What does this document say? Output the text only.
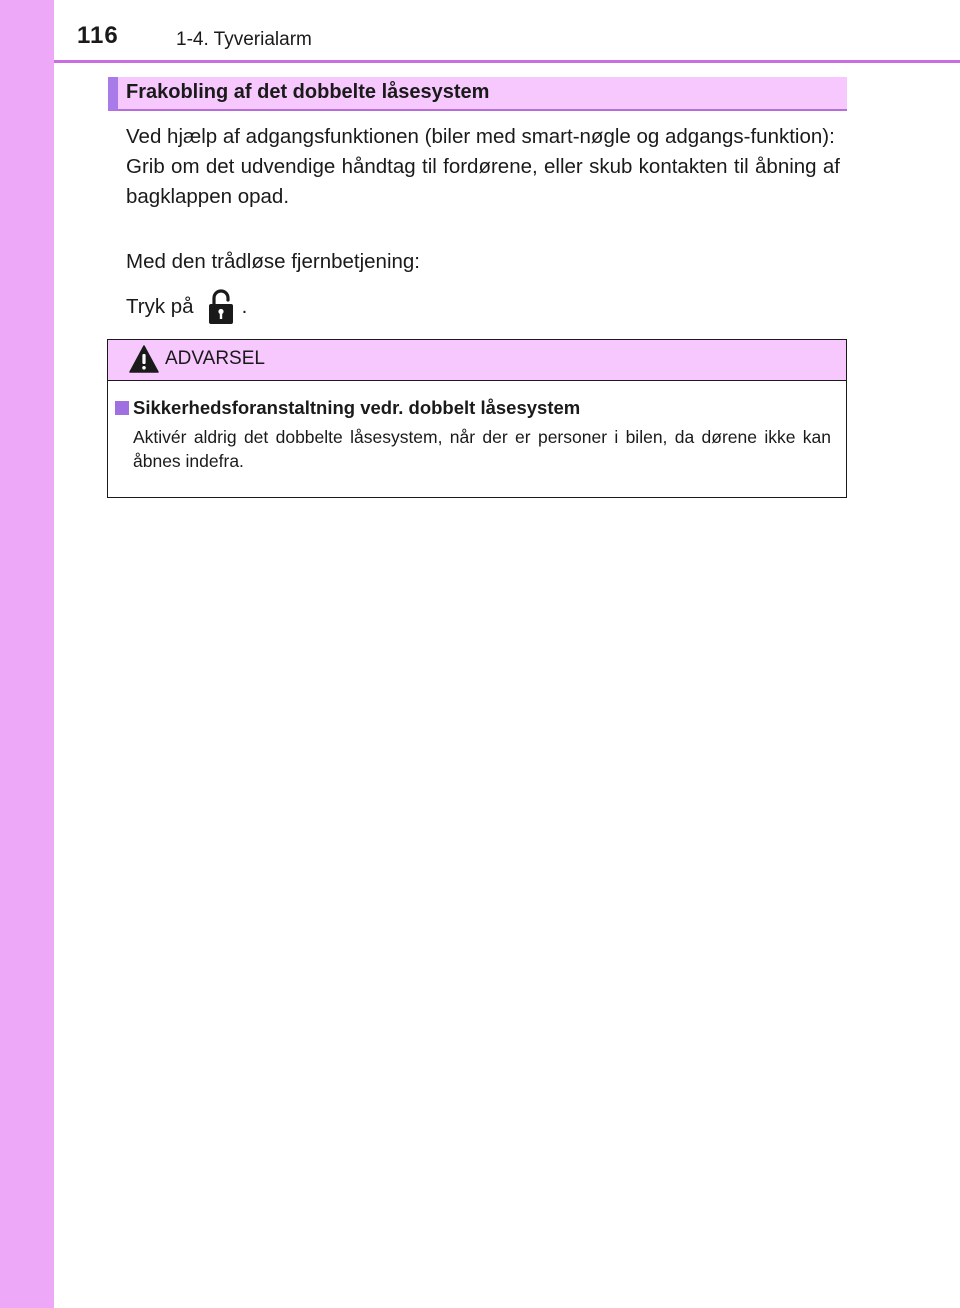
116	1-4. Tyverialarm
Frakobling af det dobbelte låsesystem
Ved hjælp af adgangsfunktionen (biler med smart-nøgle og adgangs-funktion):
Grib om det udvendige håndtag til fordørene, eller skub kontakten til åbning af bagklappen opad.
Med den trådløse fjernbetjening:
Tryk på .
ADVARSEL
Sikkerhedsforanstaltning vedr. dobbelt låsesystem
Aktivér aldrig det dobbelte låsesystem, når der er personer i bilen, da dørene ikke kan åbnes indefra.
